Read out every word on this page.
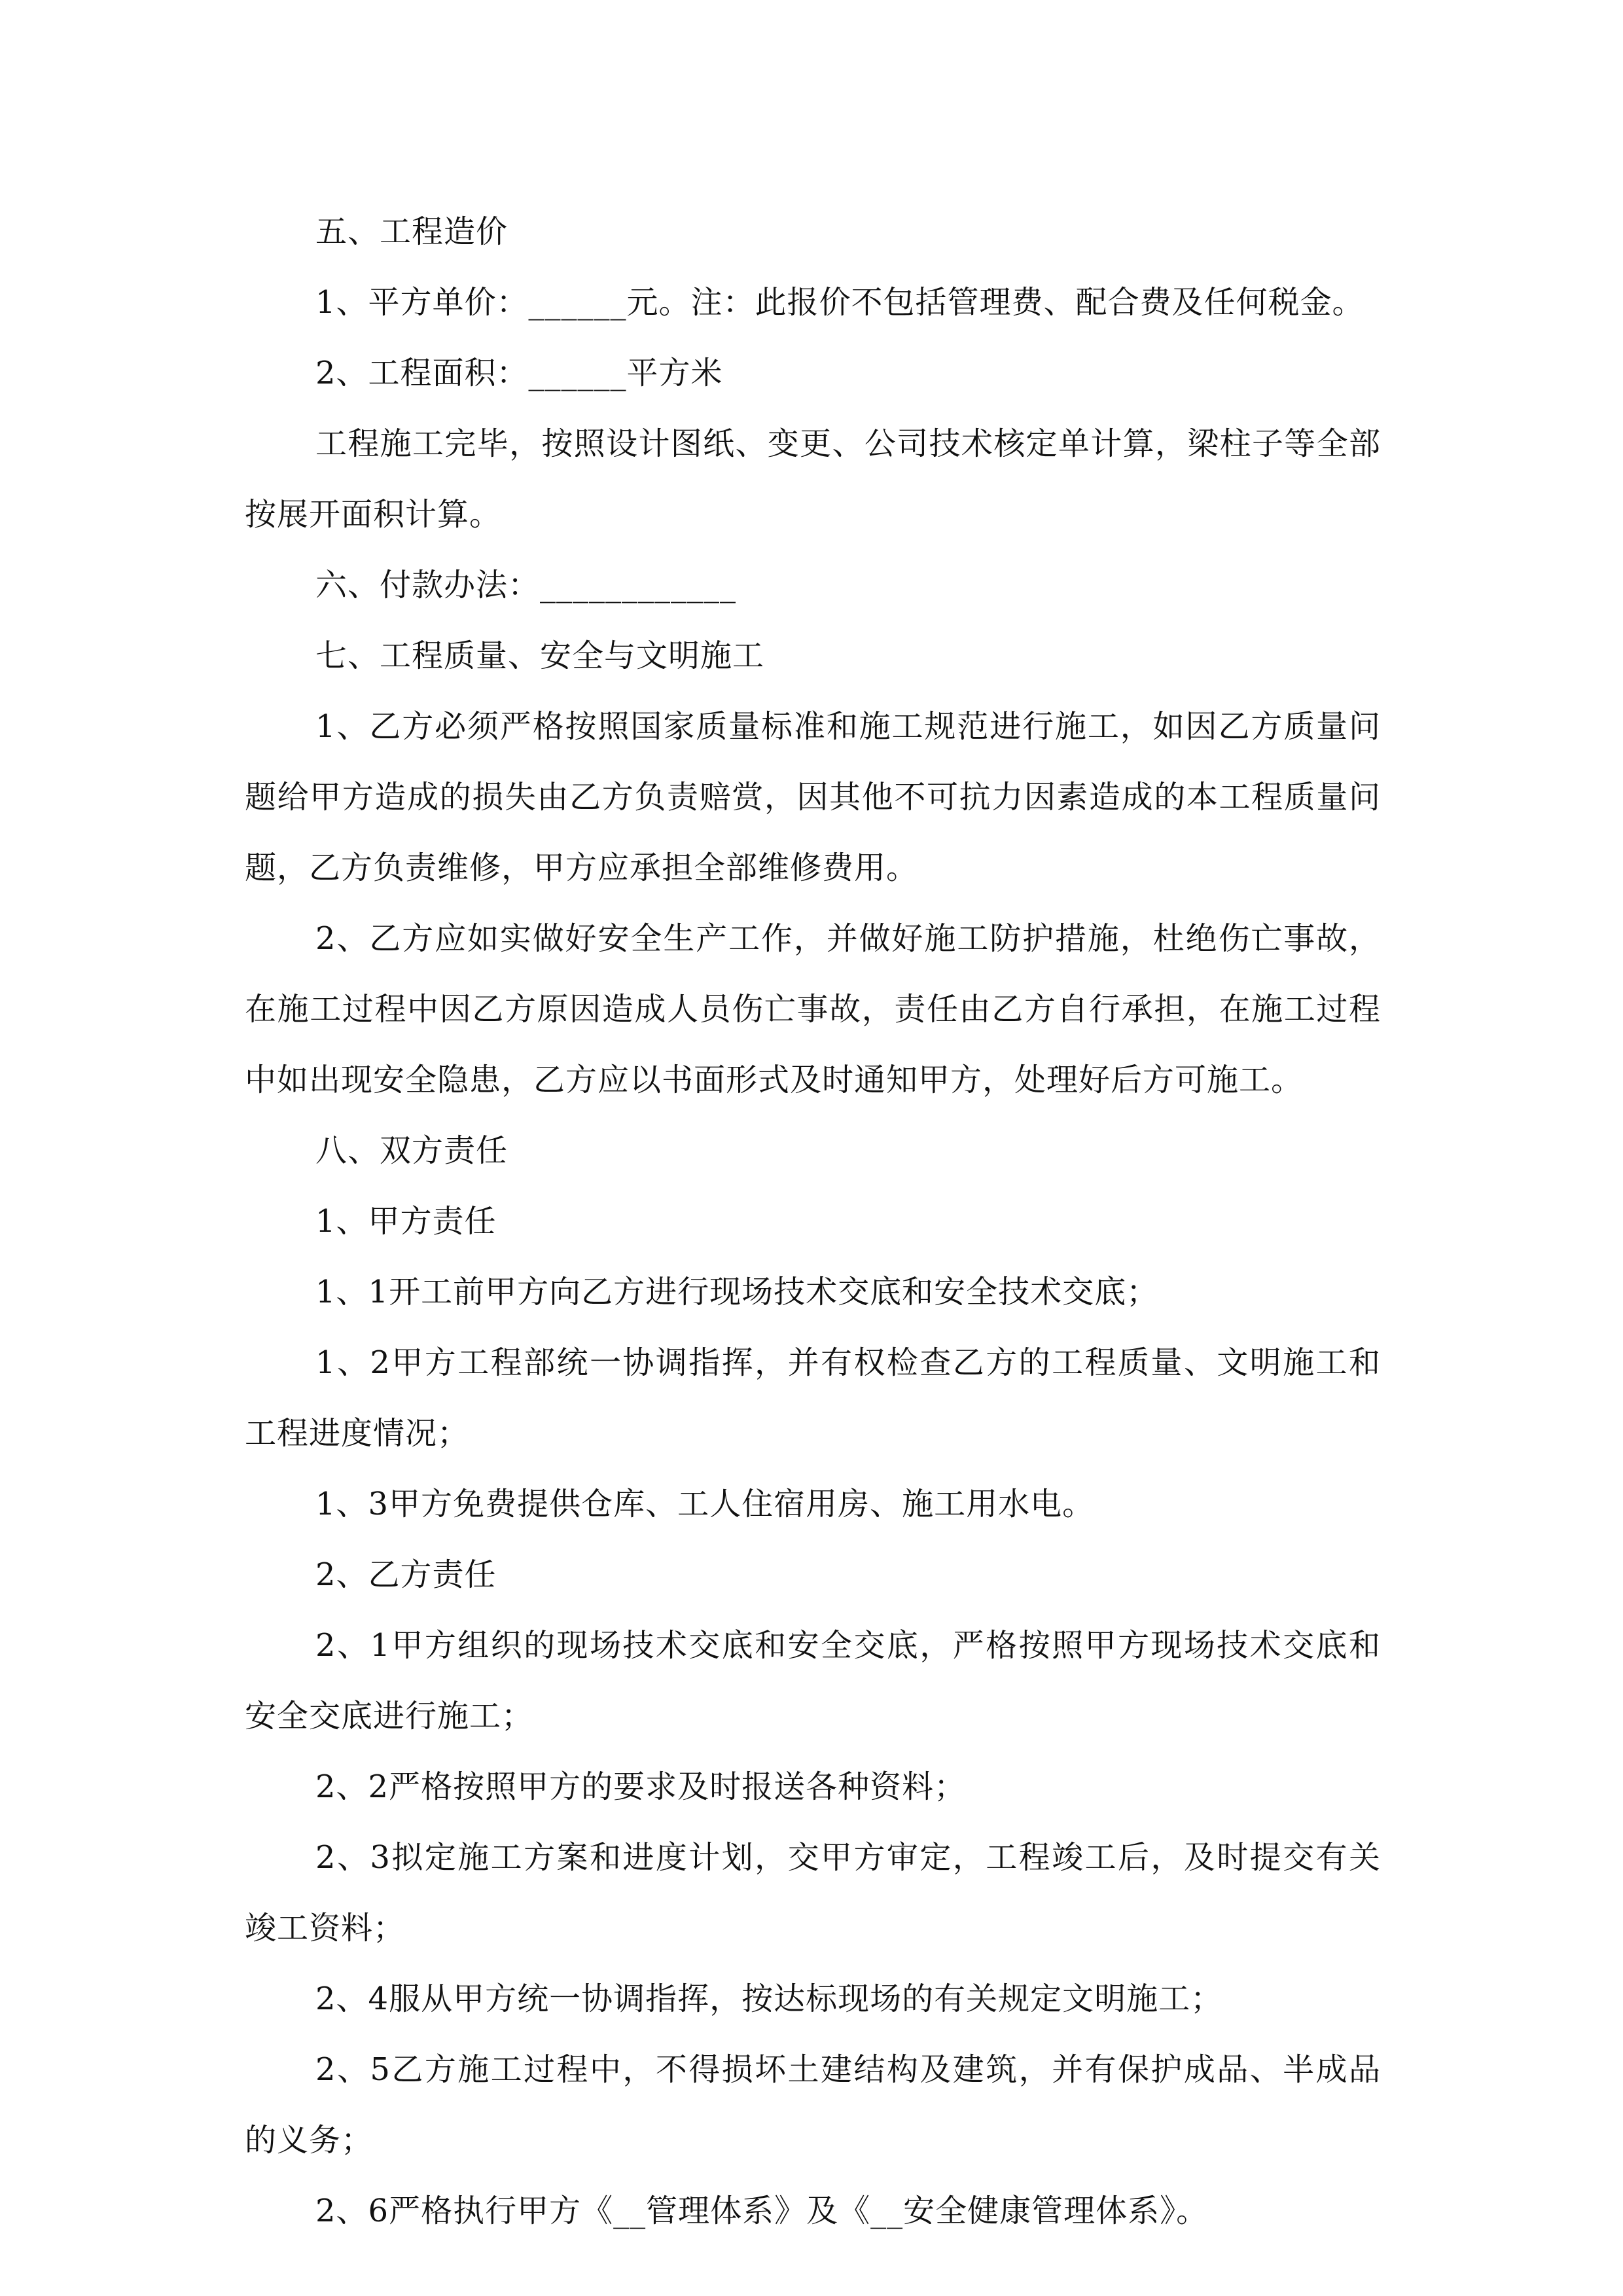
五、工程造价

1、平方单价：______元。注：此报价不包括管理费、配合费及任何税金。

2、工程面积：______平方米

工程施工完毕，按照设计图纸、变更、公司技术核定单计算，梁柱子等全部按展开面积计算。

六、付款办法：____________

七、工程质量、安全与文明施工

1、乙方必须严格按照国家质量标准和施工规范进行施工，如因乙方质量问题给甲方造成的损失由乙方负责赔赏，因其他不可抗力因素造成的本工程质量问题，乙方负责维修，甲方应承担全部维修费用。

2、乙方应如实做好安全生产工作，并做好施工防护措施，杜绝伤亡事故，在施工过程中因乙方原因造成人员伤亡事故，责任由乙方自行承担，在施工过程中如出现安全隐患，乙方应以书面形式及时通知甲方，处理好后方可施工。

八、双方责任

1、甲方责任

1、1开工前甲方向乙方进行现场技术交底和安全技术交底；

1、2甲方工程部统一协调指挥，并有权检查乙方的工程质量、文明施工和工程进度情况；

1、3甲方免费提供仓库、工人住宿用房、施工用水电。

2、乙方责任

2、1甲方组织的现场技术交底和安全交底，严格按照甲方现场技术交底和安全交底进行施工；

2、2严格按照甲方的要求及时报送各种资料；

2、3拟定施工方案和进度计划，交甲方审定，工程竣工后，及时提交有关竣工资料；

2、4服从甲方统一协调指挥，按达标现场的有关规定文明施工；

2、5乙方施工过程中，不得损坏土建结构及建筑，并有保护成品、半成品的义务；

2、6严格执行甲方《__管理体系》及《__安全健康管理体系》。
